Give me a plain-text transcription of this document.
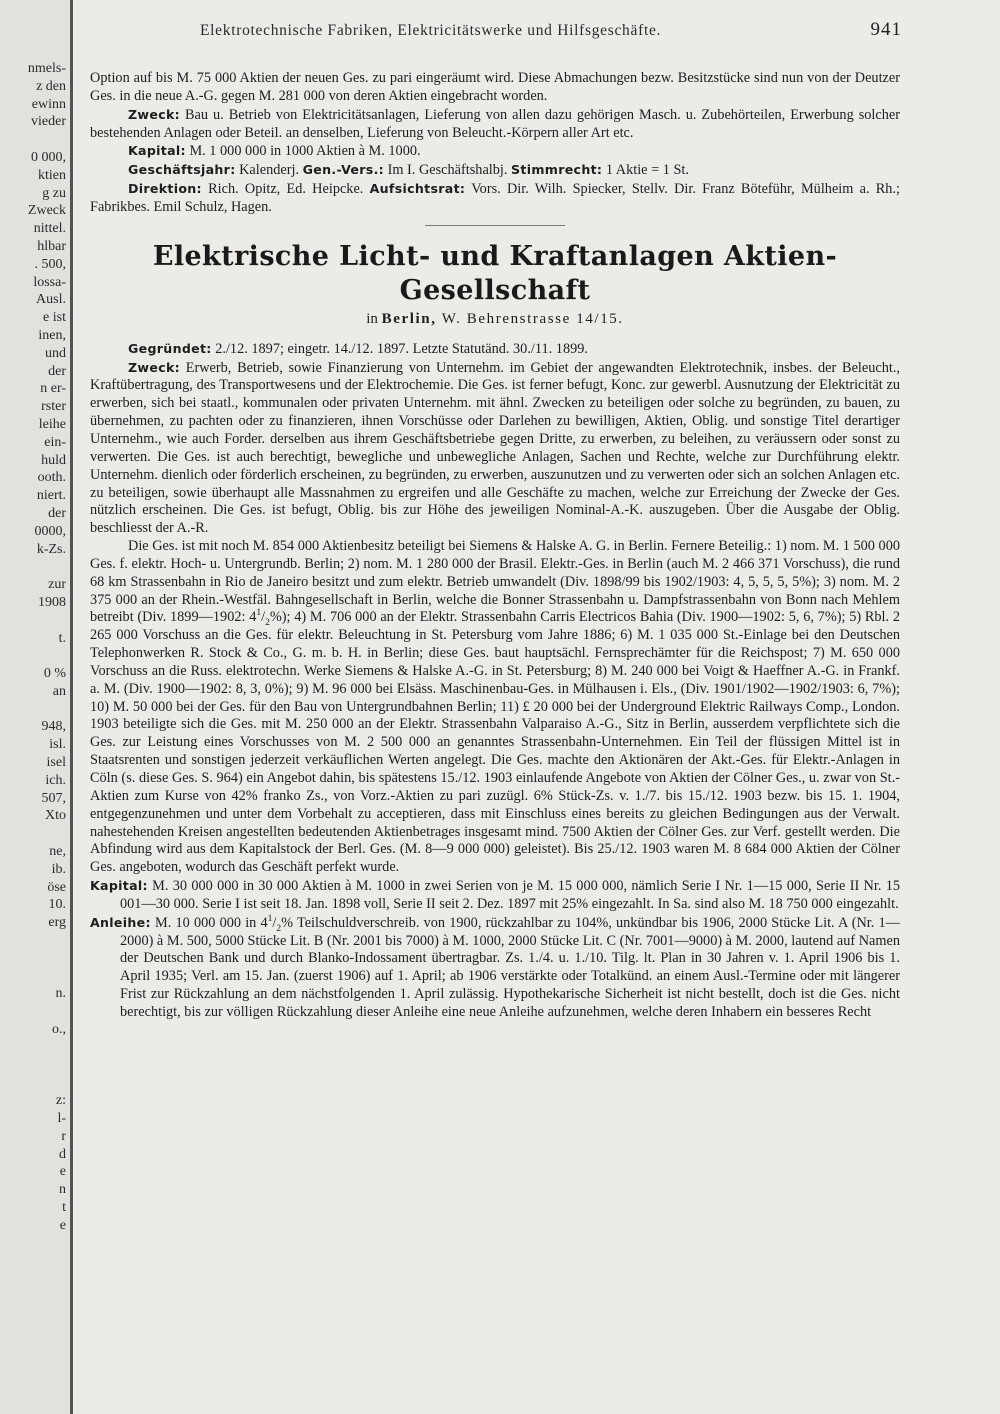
nmels-
z den
ewinn
vieder

0 000,
ktien
g zu
Zweck
nittel.
hlbar
. 500,
lossa-
Ausl.
e ist
inen,
und
der
n er-
rster
leihe
ein-
huld
ooth.
niert.
der
0000,
k-Zs.

zur
1908

t.

0 %
an

948,
isl.
isel
ich.
507,
Xto

ne,
ib.
öse
10.
erg

n.

o.,

z:
l-
r
d
e
n
t
e
Elektrotechnische Fabriken, Elektricitätswerke und Hilfsgeschäfte.	941

Option auf bis M. 75 000 Aktien der neuen Ges. zu pari eingeräumt wird. Diese Abmachungen bezw. Besitzstücke sind nun von der Deutzer Ges. in die neue A.-G. gegen M. 281 000 von deren Aktien eingebracht worden.

Zweck: Bau u. Betrieb von Elektricitätsanlagen, Lieferung von allen dazu gehörigen Masch. u. Zubehörteilen, Erwerbung solcher bestehenden Anlagen oder Beteil. an denselben, Lieferung von Beleucht.-Körpern aller Art etc.

Kapital: M. 1 000 000 in 1000 Aktien à M. 1000.

Geschäftsjahr: Kalenderj. Gen.-Vers.: Im I. Geschäftshalbj. Stimmrecht: 1 Aktie = 1 St.

Direktion: Rich. Opitz, Ed. Heipcke. Aufsichtsrat: Vors. Dir. Wilh. Spiecker, Stellv. Dir. Franz Böteführ, Mülheim a. Rh.; Fabrikbes. Emil Schulz, Hagen.

Elektrische Licht- und Kraftanlagen Aktien-Gesellschaft
in Berlin, W. Behrenstrasse 14/15.

Gegründet: 2./12. 1897; eingetr. 14./12. 1897. Letzte Statutänd. 30./11. 1899.

Zweck: Erwerb, Betrieb, sowie Finanzierung von Unternehm. im Gebiet der angewandten Elektrotechnik, insbes. der Beleucht., Kraftübertragung, des Transportwesens und der Elektrochemie. Die Ges. ist ferner befugt, Konc. zur gewerbl. Ausnutzung der Elektricität zu erwerben, sich bei staatl., kommunalen oder privaten Unternehm. mit ähnl. Zwecken zu beteiligen oder solche zu begründen, zu bauen, zu übernehmen, zu pachten oder zu finanzieren, ihnen Vorschüsse oder Darlehen zu bewilligen, Aktien, Oblig. und sonstige Titel derartiger Unternehm., wie auch Forder. derselben aus ihrem Geschäftsbetriebe gegen Dritte, zu erwerben, zu beleihen, zu veräussern oder sonst zu verwerten. Die Ges. ist auch berechtigt, bewegliche und unbewegliche Anlagen, Sachen und Rechte, welche zur Durchführung elektr. Unternehm. dienlich oder förderlich erscheinen, zu begründen, zu erwerben, auszunutzen und zu verwerten oder sich an solchen Anlagen etc. zu beteiligen, sowie überhaupt alle Massnahmen zu ergreifen und alle Geschäfte zu machen, welche zur Erreichung der Zwecke der Ges. nützlich erscheinen. Die Ges. ist befugt, Oblig. bis zur Höhe des jeweiligen Nominal-A.-K. auszugeben. Über die Ausgabe der Oblig. beschliesst der A.-R.

Die Ges. ist mit noch M. 854 000 Aktienbesitz beteiligt bei Siemens & Halske A. G. in Berlin. Fernere Beteilig.: 1) nom. M. 1 500 000 Ges. f. elektr. Hoch- u. Untergrundb. Berlin; 2) nom. M. 1 280 000 der Brasil. Elektr.-Ges. in Berlin (auch M. 2 466 371 Vorschuss), die rund 68 km Strassenbahn in Rio de Janeiro besitzt und zum elektr. Betrieb umwandelt (Div. 1898/99 bis 1902/1903: 4, 5, 5, 5, 5%); 3) nom. M. 2 375 000 an der Rhein.-Westfäl. Bahngesellschaft in Berlin, welche die Bonner Strassenbahn u. Dampfstrassenbahn von Bonn nach Mehlem betreibt (Div. 1899—1902: $4^1/_2\%$); 4) M. 706 000 an der Elektr. Strassenbahn Carris Electricos Bahia (Div. 1900—1902: 5, 6, 7%); 5) Rbl. 2 265 000 Vorschuss an die Ges. für elektr. Beleuchtung in St. Petersburg vom Jahre 1886; 6) M. 1 035 000 St.-Einlage bei den Deutschen Telephonwerken R. Stock & Co., G. m. b. H. in Berlin; diese Ges. baut hauptsächl. Fernsprechämter für die Reichspost; 7) M. 650 000 Vorschuss an die Russ. elektrotechn. Werke Siemens & Halske A.-G. in St. Petersburg; 8) M. 240 000 bei Voigt & Haeffner A.-G. in Frankf. a. M. (Div. 1900—1902: 8, 3, 0%); 9) M. 96 000 bei Elsäss. Maschinenbau-Ges. in Mülhausen i. Els., (Div. 1901/1902—1902/1903: 6, 7%); 10) M. 50 000 bei der Ges. für den Bau von Untergrundbahnen Berlin; 11) £ 20 000 bei der Underground Elektric Railways Comp., London. 1903 beteiligte sich die Ges. mit M. 250 000 an der Elektr. Strassenbahn Valparaiso A.-G., Sitz in Berlin, ausserdem verpflichtete sich die Ges. zur Leistung eines Vorschusses von M. 2 500 000 an genanntes Strassenbahn-Unternehmen. Ein Teil der flüssigen Mittel ist in Staatsrenten und sonstigen jederzeit verkäuflichen Werten angelegt. Die Ges. machte den Aktionären der Akt.-Ges. für Elektr.-Anlagen in Cöln (s. diese Ges. S. 964) ein Angebot dahin, bis spätestens 15./12. 1903 einlaufende Angebote von Aktien der Cölner Ges., u. zwar von St.-Aktien zum Kurse von 42% franko Zs., von Vorz.-Aktien zu pari zuzügl. 6% Stück-Zs. v. 1./7. bis 15./12. 1903 bezw. bis 15. 1. 1904, entgegenzunehmen und unter dem Vorbehalt zu acceptieren, dass mit Einschluss eines bereits zu gleichen Bedingungen aus der Verwalt. nahestehenden Kreisen angestellten bedeutenden Aktienbetrages insgesamt mind. 7500 Aktien der Cölner Ges. zur Verf. gestellt werden. Die Abfindung wird aus dem Kapitalstock der Berl. Ges. (M. 8—9 000 000) geleistet). Bis 25./12. 1903 waren M. 8 684 000 Aktien der Cölner Ges. angeboten, wodurch das Geschäft perfekt wurde.

Kapital: M. 30 000 000 in 30 000 Aktien à M. 1000 in zwei Serien von je M. 15 000 000, nämlich Serie I Nr. 1—15 000, Serie II Nr. 15 001—30 000. Serie I ist seit 18. Jan. 1898 voll, Serie II seit 2. Dez. 1897 mit 25% eingezahlt. In Sa. sind also M. 18 750 000 eingezahlt.

Anleihe: M. 10 000 000 in $4^1/_2\%$ Teilschuldverschreib. von 1900, rückzahlbar zu 104%, unkündbar bis 1906, 2000 Stücke Lit. A (Nr. 1—2000) à M. 500, 5000 Stücke Lit. B (Nr. 2001 bis 7000) à M. 1000, 2000 Stücke Lit. C (Nr. 7001—9000) à M. 2000, lautend auf Namen der Deutschen Bank und durch Blanko-Indossament übertragbar. Zs. 1./4. u. 1./10. Tilg. lt. Plan in 30 Jahren v. 1. April 1906 bis 1. April 1935; Verl. am 15. Jan. (zuerst 1906) auf 1. April; ab 1906 verstärkte oder Totalkünd. an einem Ausl.-Termine oder mit längerer Frist zur Rückzahlung an dem nächstfolgenden 1. April zulässig. Hypothekarische Sicherheit ist nicht bestellt, doch ist die Ges. nicht berechtigt, bis zur völligen Rückzahlung dieser Anleihe eine neue Anleihe aufzunehmen, welche deren Inhabern ein besseres Recht
